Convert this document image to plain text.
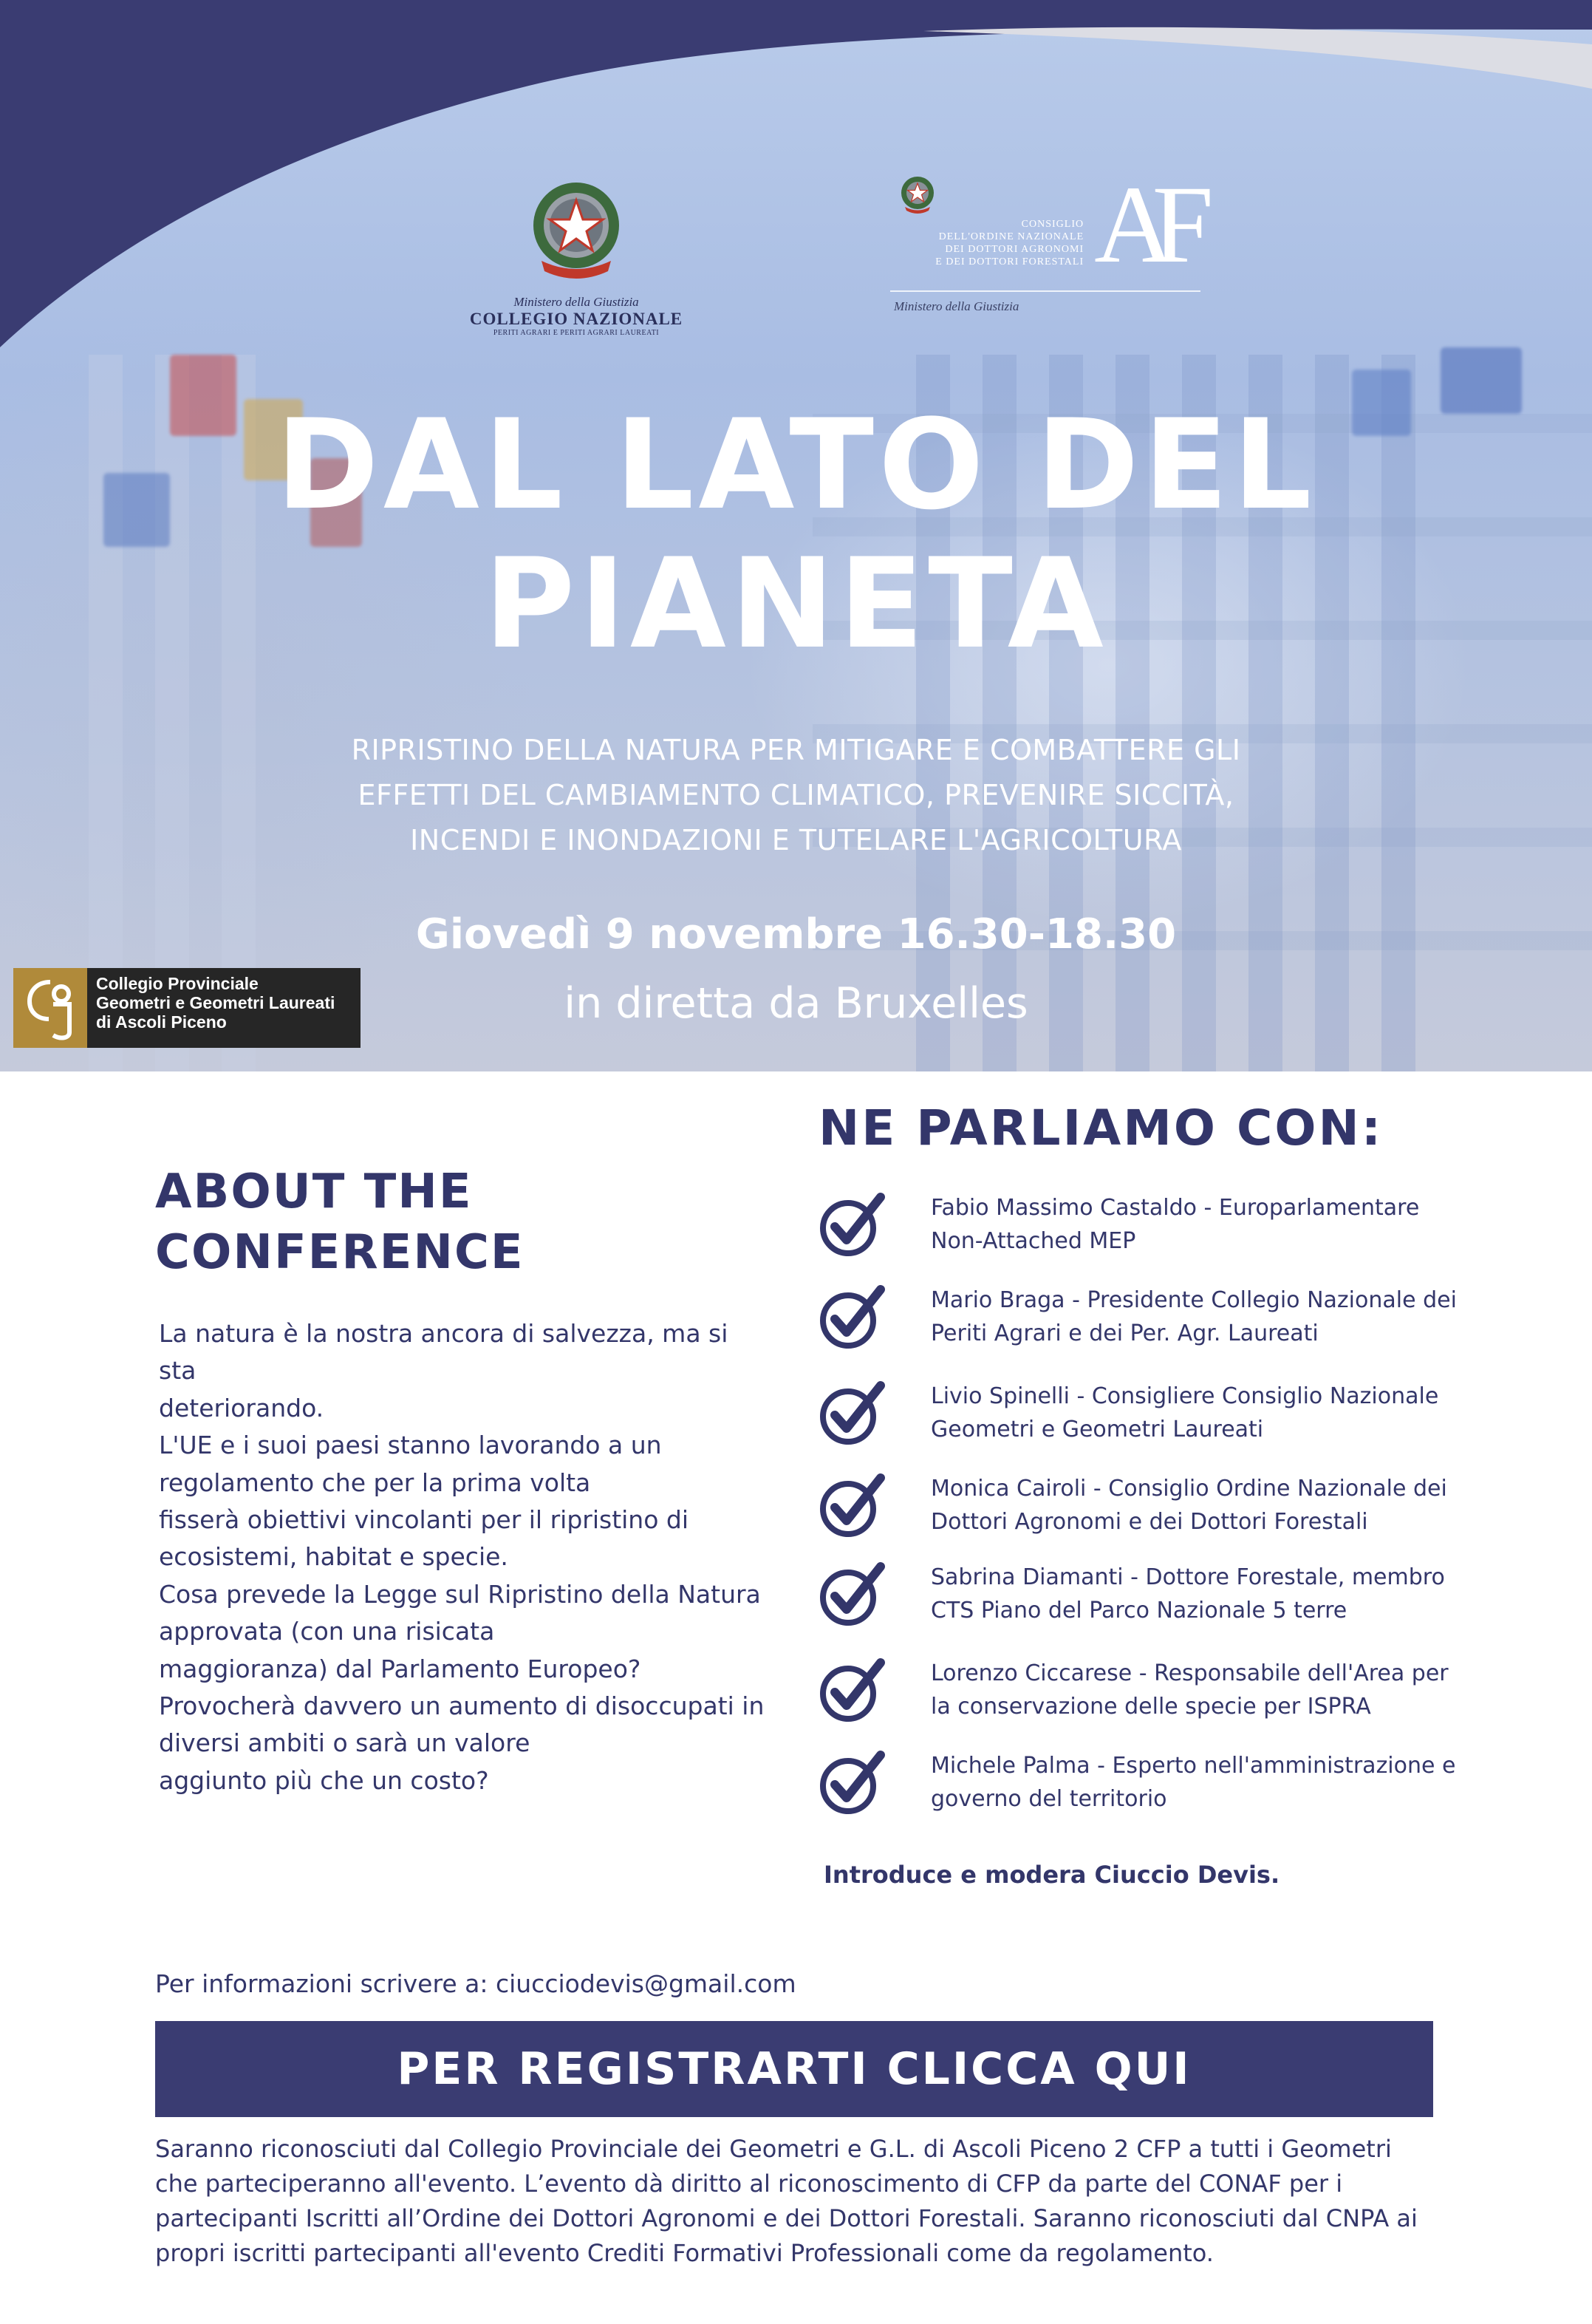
Ministero della Giustizia
COLLEGIO NAZIONALE
PERITI AGRARI E PERITI AGRARI LAUREATI
CONSIGLIO
DELL'ORDINE NAZIONALE
DEI DOTTORI AGRONOMI
E DEI DOTTORI FORESTALI AF
Ministero della Giustizia
DAL LATO DEL
PIANETA
RIPRISTINO DELLA NATURA PER MITIGARE E COMBATTERE GLI
EFFETTI DEL CAMBIAMENTO CLIMATICO, PREVENIRE SICCITÀ,
INCENDI E INONDAZIONI E TUTELARE L'AGRICOLTURA
Giovedì 9 novembre 16.30-18.30
in diretta da Bruxelles
Collegio Provinciale
Geometri e Geometri Laureati
di Ascoli Piceno
ABOUT THE
CONFERENCE

La natura è la nostra ancora di salvezza, ma si sta

deteriorando.

L'UE e i suoi paesi stanno lavorando a un

regolamento che per la prima volta

fisserà obiettivi vincolanti per il ripristino di

ecosistemi, habitat e specie.

Cosa prevede la Legge sul Ripristino della Natura

approvata (con una risicata

maggioranza) dal Parlamento Europeo?

Provocherà davvero un aumento di disoccupati in

diversi ambiti o sarà un valore

aggiunto più che un costo?

NE PARLIAMO CON:
Fabio Massimo Castaldo - Europarlamentare
Non-Attached MEP
Mario Braga - Presidente Collegio Nazionale dei
Periti Agrari e dei Per. Agr. Laureati
Livio Spinelli - Consigliere Consiglio Nazionale
Geometri e Geometri Laureati
Monica Cairoli - Consiglio Ordine Nazionale dei
Dottori Agronomi e dei Dottori Forestali
Sabrina Diamanti - Dottore Forestale, membro
CTS Piano del Parco Nazionale 5 terre
Lorenzo Ciccarese - Responsabile dell'Area per
la conservazione delle specie per ISPRA
Michele Palma - Esperto nell'amministrazione e
governo del territorio
Introduce e modera Ciuccio Devis.
Per informazioni scrivere a: ciucciodevis@gmail.com
PER REGISTRARTI CLICCA QUI
Saranno riconosciuti dal Collegio Provinciale dei Geometri e G.L. di Ascoli Piceno 2 CFP a tutti i Geometri
che parteciperanno all'evento. L’evento dà diritto al riconoscimento di CFP da parte del CONAF per i
partecipanti Iscritti all’Ordine dei Dottori Agronomi e dei Dottori Forestali. Saranno riconosciuti dal CNPA ai
propri iscritti partecipanti all'evento Crediti Formativi Professionali come da regolamento.
